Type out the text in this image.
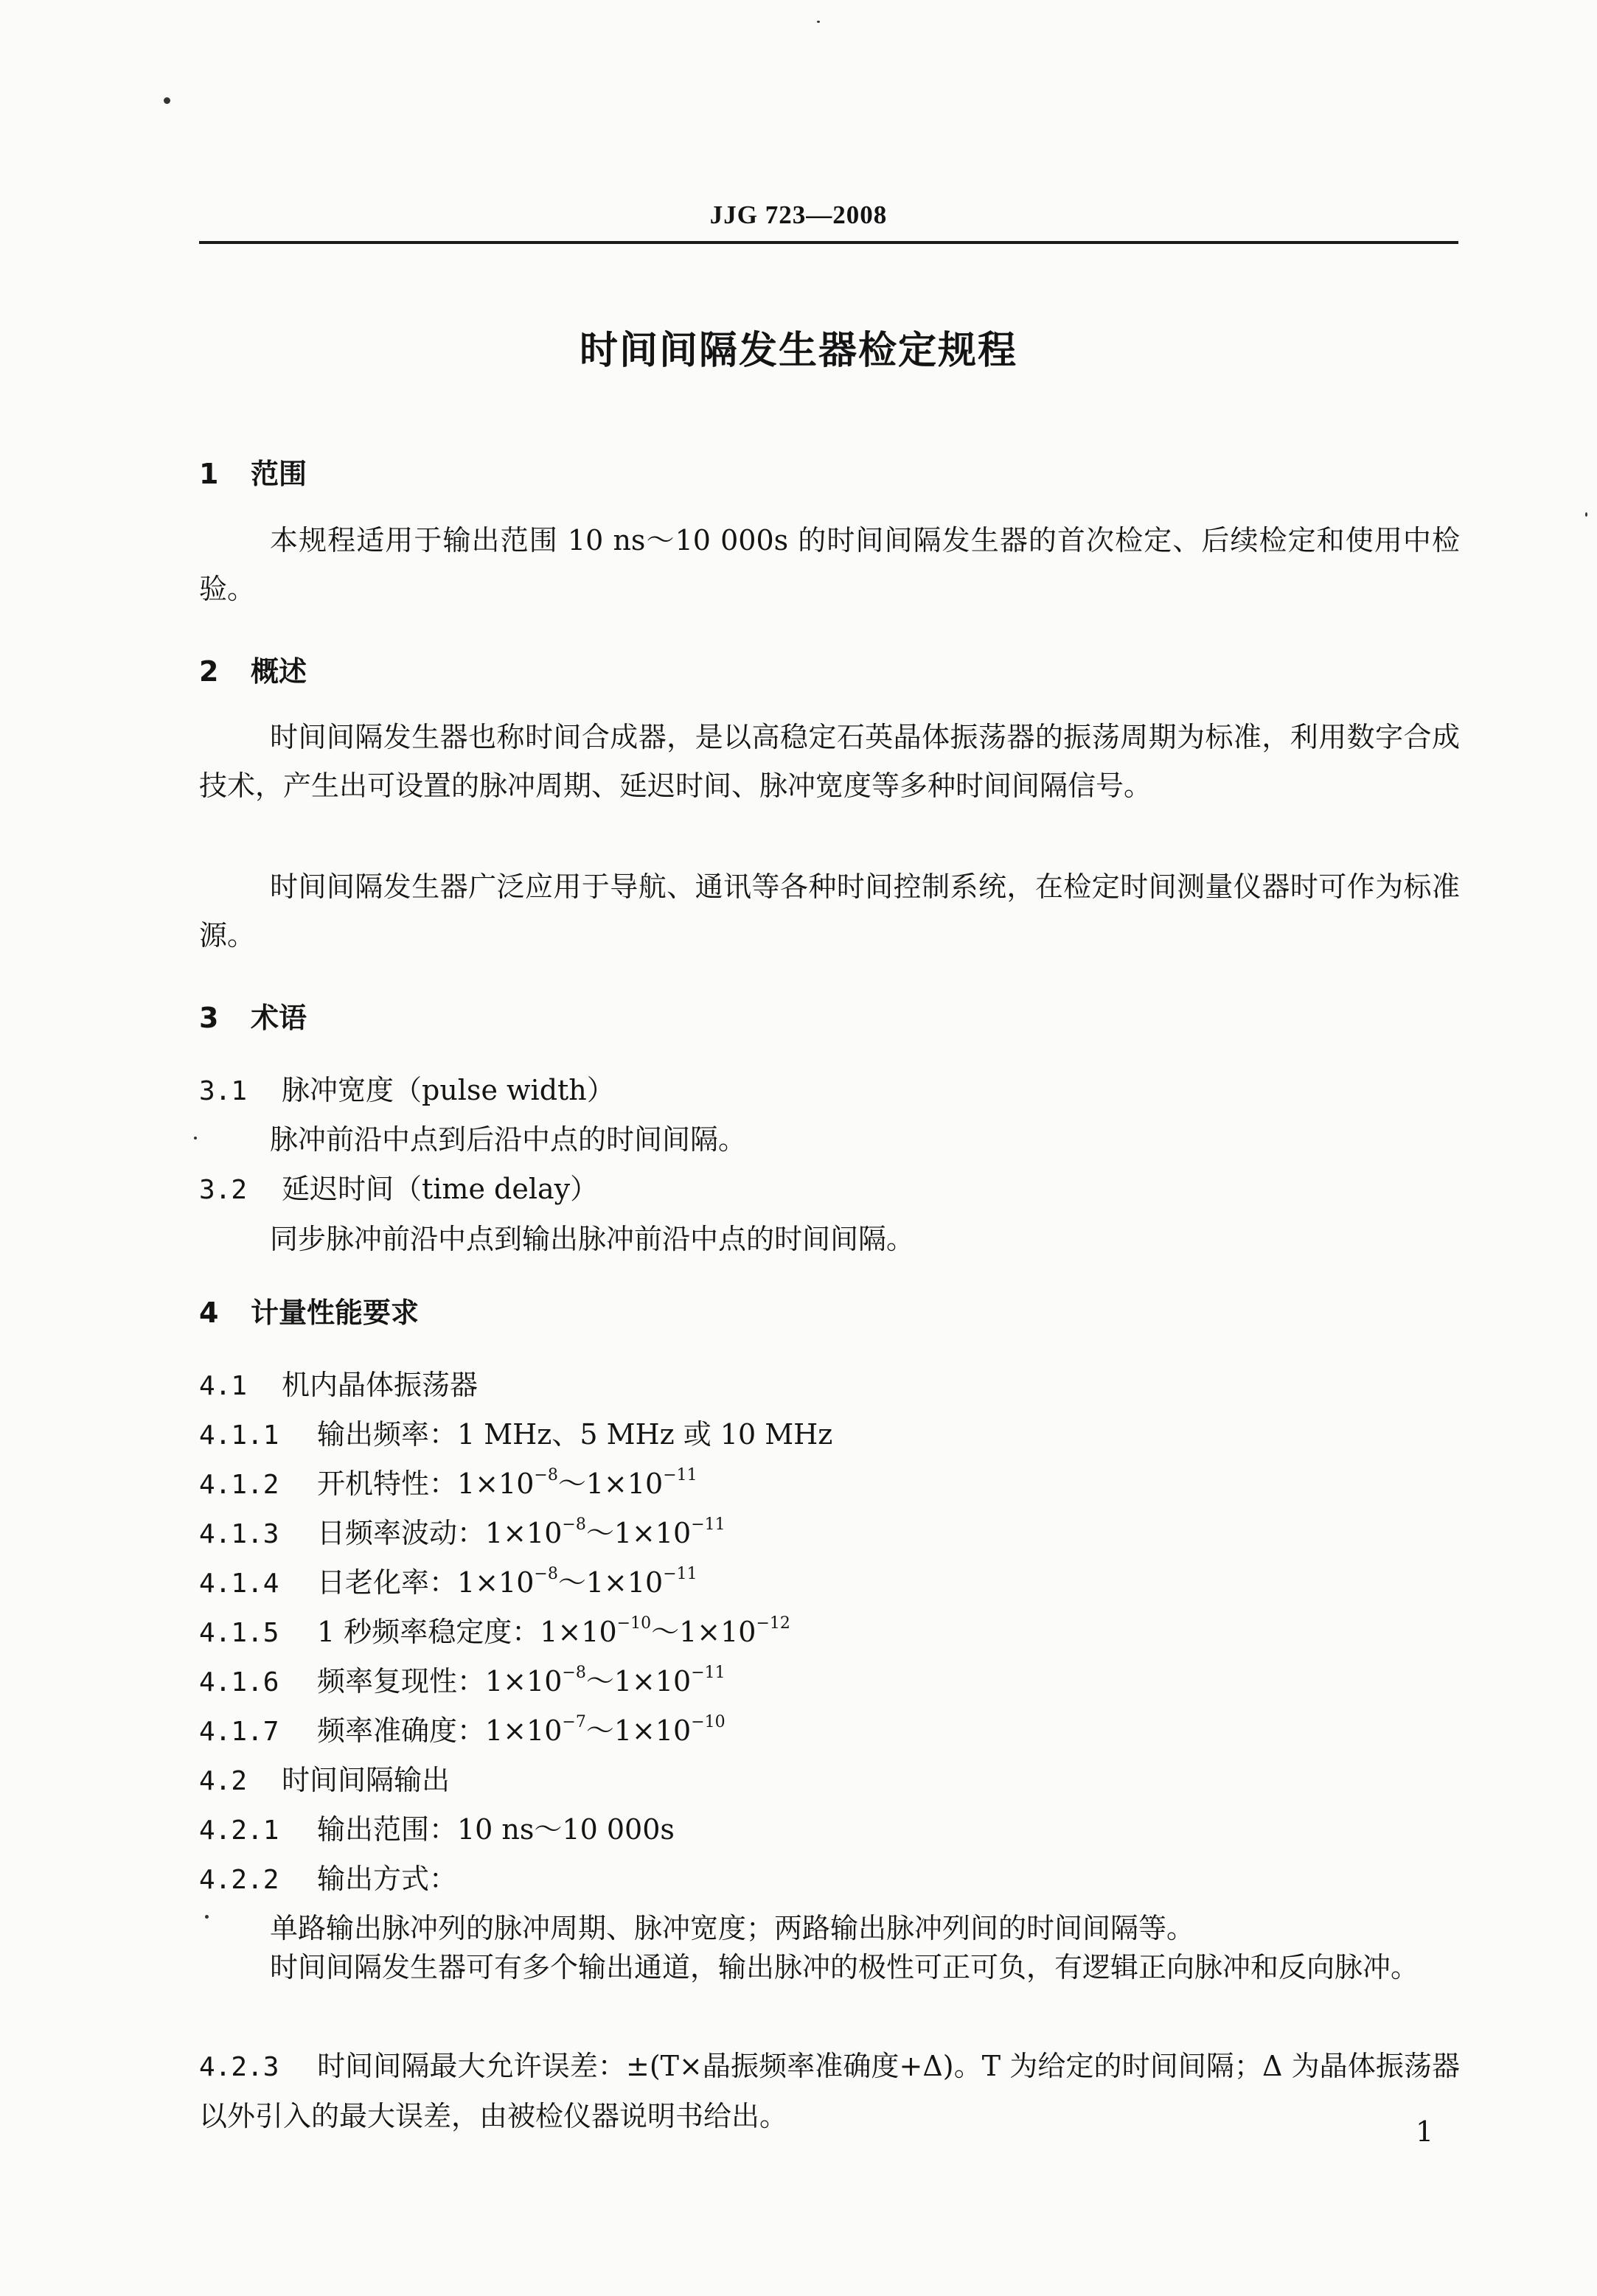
JJG 723—2008
时间间隔发生器检定规程
1 范围
本规程适用于输出范围 10 ns～10 000s 的时间间隔发生器的首次检定、后续检定和使用中检验。
2 概述
时间间隔发生器也称时间合成器，是以高稳定石英晶体振荡器的振荡周期为标准，利用数字合成技术，产生出可设置的脉冲周期、延迟时间、脉冲宽度等多种时间间隔信号。
时间间隔发生器广泛应用于导航、通讯等各种时间控制系统，在检定时间测量仪器时可作为标准源。
3 术语
3.1 脉冲宽度（pulse width）
脉冲前沿中点到后沿中点的时间间隔。
3.2 延迟时间（time delay）
同步脉冲前沿中点到输出脉冲前沿中点的时间间隔。
4 计量性能要求
4.1 机内晶体振荡器
4.1.1 输出频率：1 MHz、5 MHz 或 10 MHz
4.1.2 开机特性：$1\times 10^{-8}\sim 1\times 10^{-11}$
4.1.3 日频率波动：$1\times 10^{-8}\sim 1\times 10^{-11}$
4.1.4 日老化率：$1\times 10^{-8}\sim 1\times 10^{-11}$
4.1.5 1 秒频率稳定度：$1\times 10^{-10}\sim 1\times 10^{-12}$
4.1.6 频率复现性：$1\times 10^{-8}\sim 1\times 10^{-11}$
4.1.7 频率准确度：$1\times 10^{-7}\sim 1\times 10^{-10}$
4.2 时间间隔输出
4.2.1 输出范围：10 ns～10 000s
4.2.2 输出方式：
单路输出脉冲列的脉冲周期、脉冲宽度；两路输出脉冲列间的时间间隔等。
时间间隔发生器可有多个输出通道，输出脉冲的极性可正可负，有逻辑正向脉冲和反向脉冲。
4.2.3 时间间隔最大允许误差：±(T×晶振频率准确度+Δ)。T 为给定的时间间隔；Δ 为晶体振荡器以外引入的最大误差，由被检仪器说明书给出。	1
